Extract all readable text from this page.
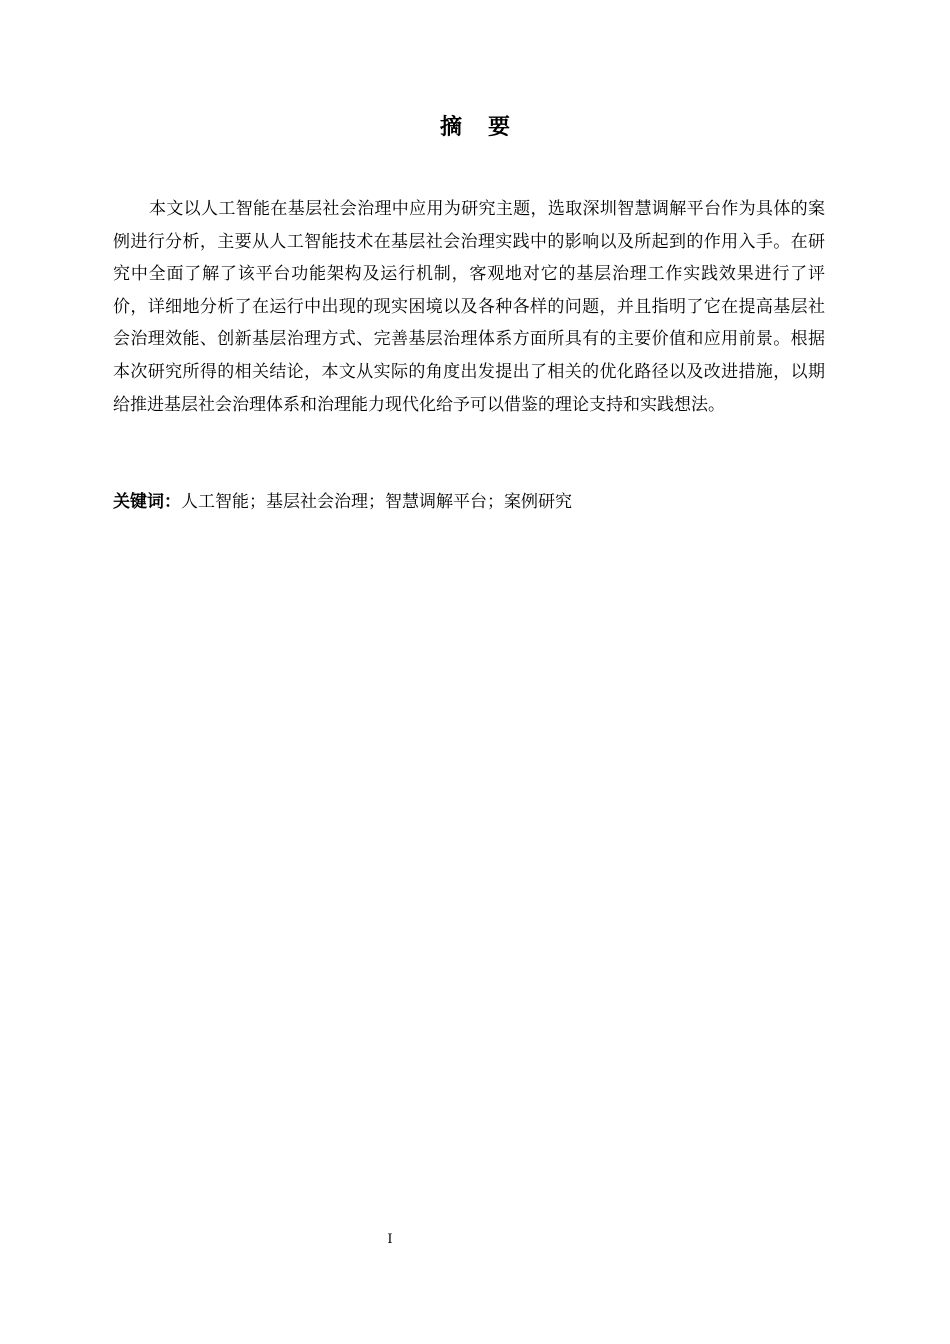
摘 要

本文以人工智能在基层社会治理中应用为研究主题，选取深圳智慧调解平台作为具体的案例进行分析，主要从人工智能技术在基层社会治理实践中的影响以及所起到的作用入手。在研究中全面了解了该平台功能架构及运行机制，客观地对它的基层治理工作实践效果进行了评价，详细地分析了在运行中出现的现实困境以及各种各样的问题，并且指明了它在提高基层社会治理效能、创新基层治理方式、完善基层治理体系方面所具有的主要价值和应用前景。根据本次研究所得的相关结论，本文从实际的角度出发提出了相关的优化路径以及改进措施，以期给推进基层社会治理体系和治理能力现代化给予可以借鉴的理论支持和实践想法。

关键词：人工智能；基层社会治理；智慧调解平台；案例研究

I
